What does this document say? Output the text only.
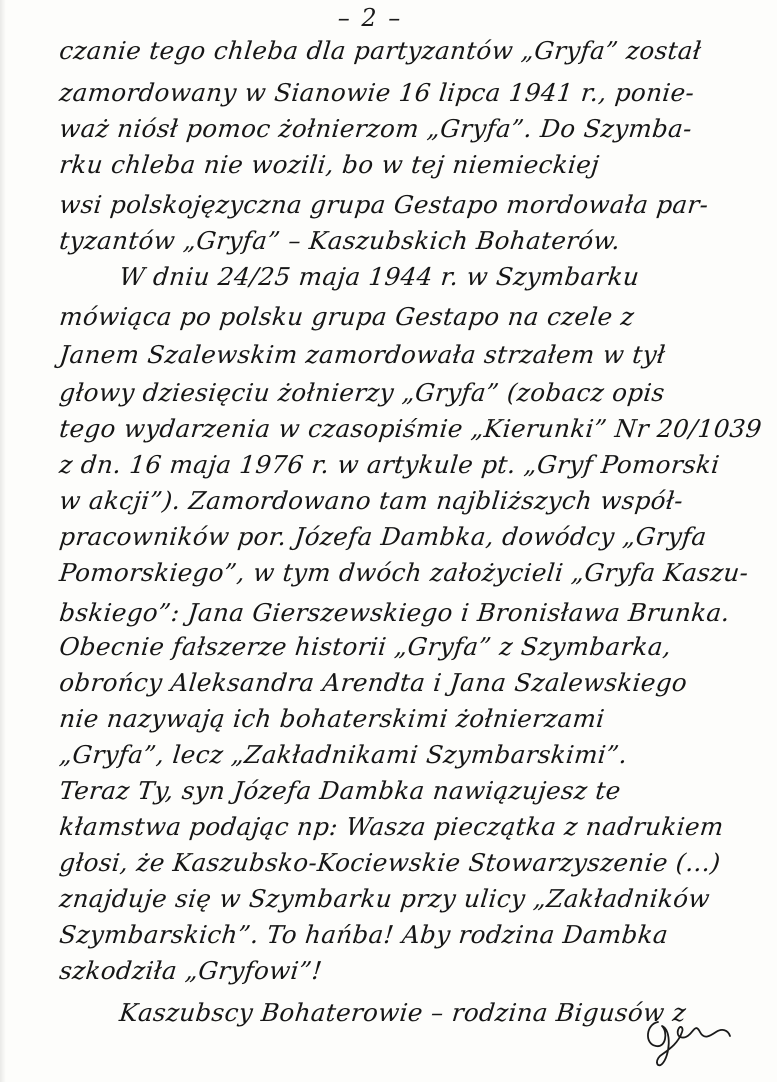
– 2 –
czanie tego chleba dla partyzantów „Gryfa” został
zamordowany w Sianowie 16 lipca 1941 r., ponie-
waż niósł pomoc żołnierzom „Gryfa”. Do Szymba-
rku chleba nie wozili, bo w tej niemieckiej
wsi polskojęzyczna grupa Gestapo mordowała par-
tyzantów „Gryfa” – Kaszubskich Bohaterów.
W dniu 24/25 maja 1944 r. w Szymbarku
mówiąca po polsku grupa Gestapo na czele z
Janem Szalewskim zamordowała strzałem w tył
głowy dziesięciu żołnierzy „Gryfa” (zobacz opis
tego wydarzenia w czasopiśmie „Kierunki” Nr 20/1039
z dn. 16 maja 1976 r. w artykule pt. „Gryf Pomorski
w akcji”). Zamordowano tam najbliższych współ-
pracowników por. Józefa Dambka, dowódcy „Gryfa
Pomorskiego”, w tym dwóch założycieli „Gryfa Kaszu-
bskiego”: Jana Gierszewskiego i Bronisława Brunka.
Obecnie fałszerze historii „Gryfa” z Szymbarka,
obrońcy Aleksandra Arendta i Jana Szalewskiego
nie nazywają ich bohaterskimi żołnierzami
„Gryfa”, lecz „Zakładnikami Szymbarskimi”.
Teraz Ty, syn Józefa Dambka nawiązujesz te
kłamstwa podając np: Wasza pieczątka z nadrukiem
głosi, że Kaszubsko-Kociewskie Stowarzyszenie (...)
znajduje się w Szymbarku przy ulicy „Zakładników
Szymbarskich”. To hańba! Aby rodzina Dambka
szkodziła „Gryfowi”!
Kaszubscy Bohaterowie – rodzina Bigusów z
